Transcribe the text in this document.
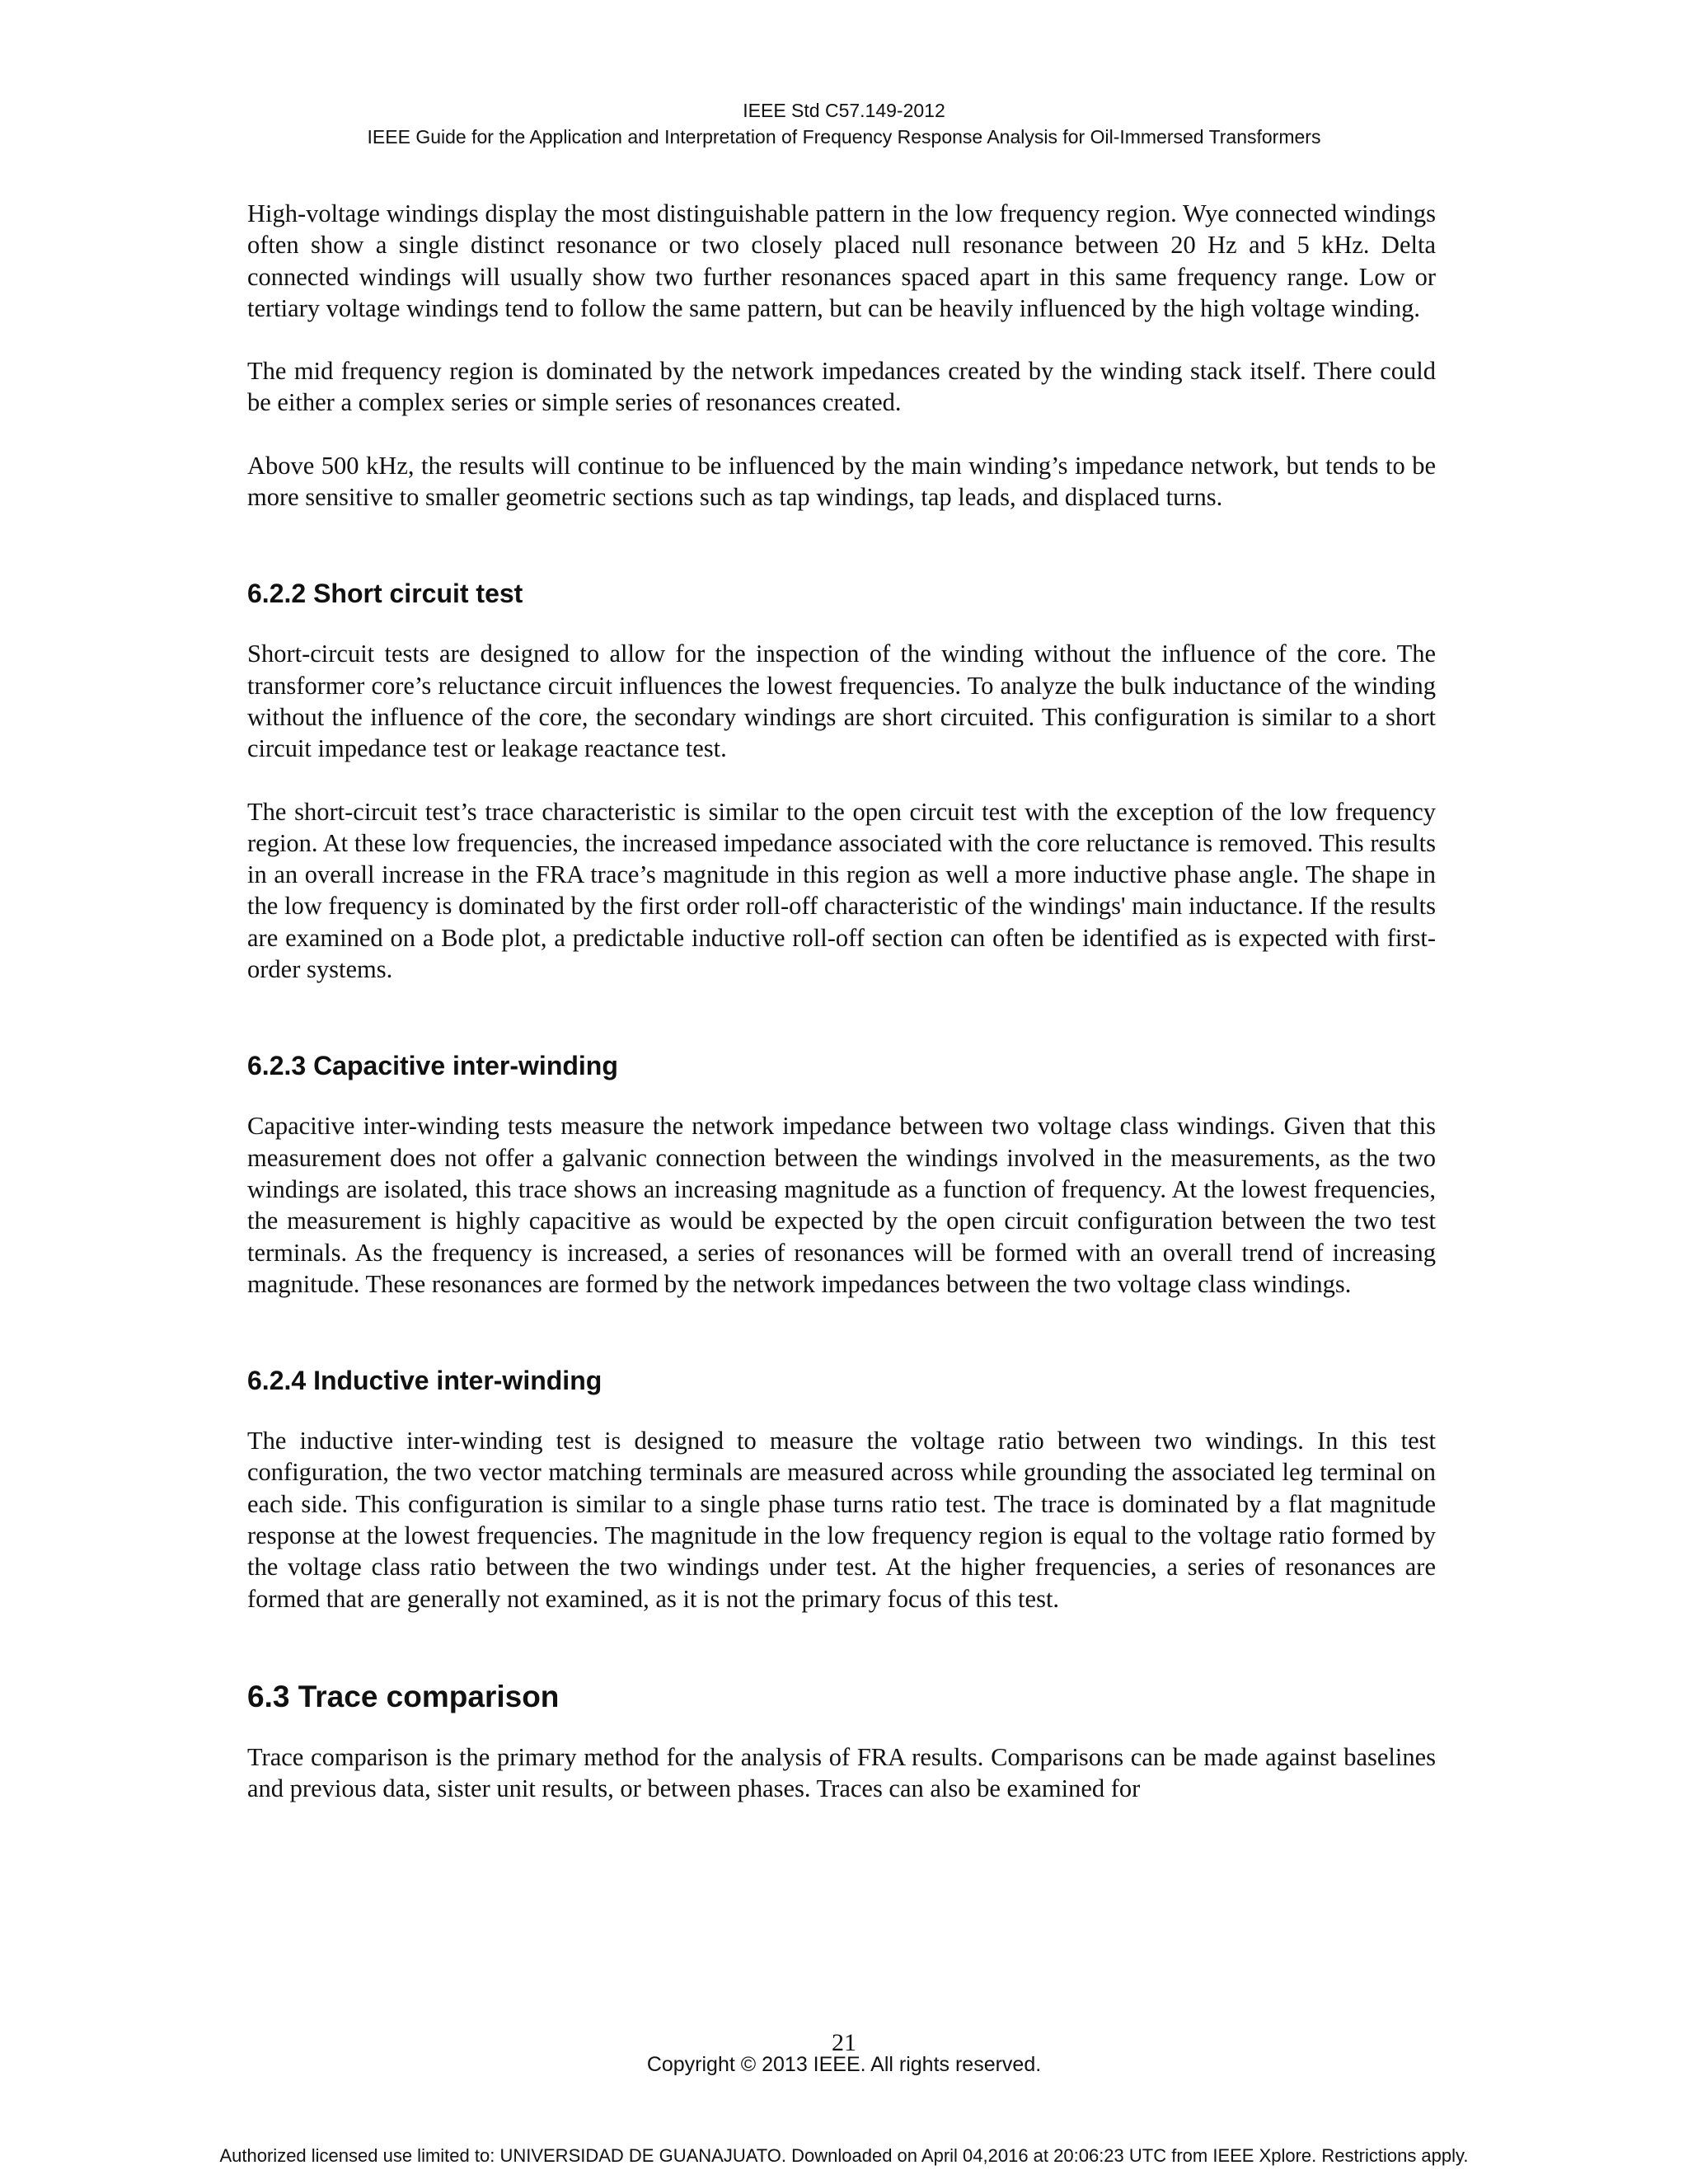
IEEE Std C57.149-2012
IEEE Guide for the Application and Interpretation of Frequency Response Analysis for Oil-Immersed Transformers

High-voltage windings display the most distinguishable pattern in the low frequency region. Wye connected windings often show a single distinct resonance or two closely placed null resonance between 20 Hz and 5 kHz. Delta connected windings will usually show two further resonances spaced apart in this same frequency range. Low or tertiary voltage windings tend to follow the same pattern, but can be heavily influenced by the high voltage winding.

The mid frequency region is dominated by the network impedances created by the winding stack itself. There could be either a complex series or simple series of resonances created.

Above 500 kHz, the results will continue to be influenced by the main winding’s impedance network, but tends to be more sensitive to smaller geometric sections such as tap windings, tap leads, and displaced turns.

6.2.2 Short circuit test

Short-circuit tests are designed to allow for the inspection of the winding without the influence of the core. The transformer core’s reluctance circuit influences the lowest frequencies. To analyze the bulk inductance of the winding without the influence of the core, the secondary windings are short circuited. This configuration is similar to a short circuit impedance test or leakage reactance test.

The short-circuit test’s trace characteristic is similar to the open circuit test with the exception of the low frequency region. At these low frequencies, the increased impedance associated with the core reluctance is removed. This results in an overall increase in the FRA trace’s magnitude in this region as well a more inductive phase angle. The shape in the low frequency is dominated by the first order roll-off characteristic of the windings' main inductance. If the results are examined on a Bode plot, a predictable inductive roll-off section can often be identified as is expected with first-order systems.

6.2.3 Capacitive inter-winding

Capacitive inter-winding tests measure the network impedance between two voltage class windings. Given that this measurement does not offer a galvanic connection between the windings involved in the measurements, as the two windings are isolated, this trace shows an increasing magnitude as a function of frequency. At the lowest frequencies, the measurement is highly capacitive as would be expected by the open circuit configuration between the two test terminals. As the frequency is increased, a series of resonances will be formed with an overall trend of increasing magnitude. These resonances are formed by the network impedances between the two voltage class windings.

6.2.4 Inductive inter-winding

The inductive inter-winding test is designed to measure the voltage ratio between two windings. In this test configuration, the two vector matching terminals are measured across while grounding the associated leg terminal on each side. This configuration is similar to a single phase turns ratio test. The trace is dominated by a flat magnitude response at the lowest frequencies. The magnitude in the low frequency region is equal to the voltage ratio formed by the voltage class ratio between the two windings under test. At the higher frequencies, a series of resonances are formed that are generally not examined, as it is not the primary focus of this test.

6.3 Trace comparison

Trace comparison is the primary method for the analysis of FRA results. Comparisons can be made against baselines and previous data, sister unit results, or between phases. Traces can also be examined for

21
Copyright © 2013 IEEE. All rights reserved.
Authorized licensed use limited to: UNIVERSIDAD DE GUANAJUATO. Downloaded on April 04,2016 at 20:06:23 UTC from IEEE Xplore. Restrictions apply.
